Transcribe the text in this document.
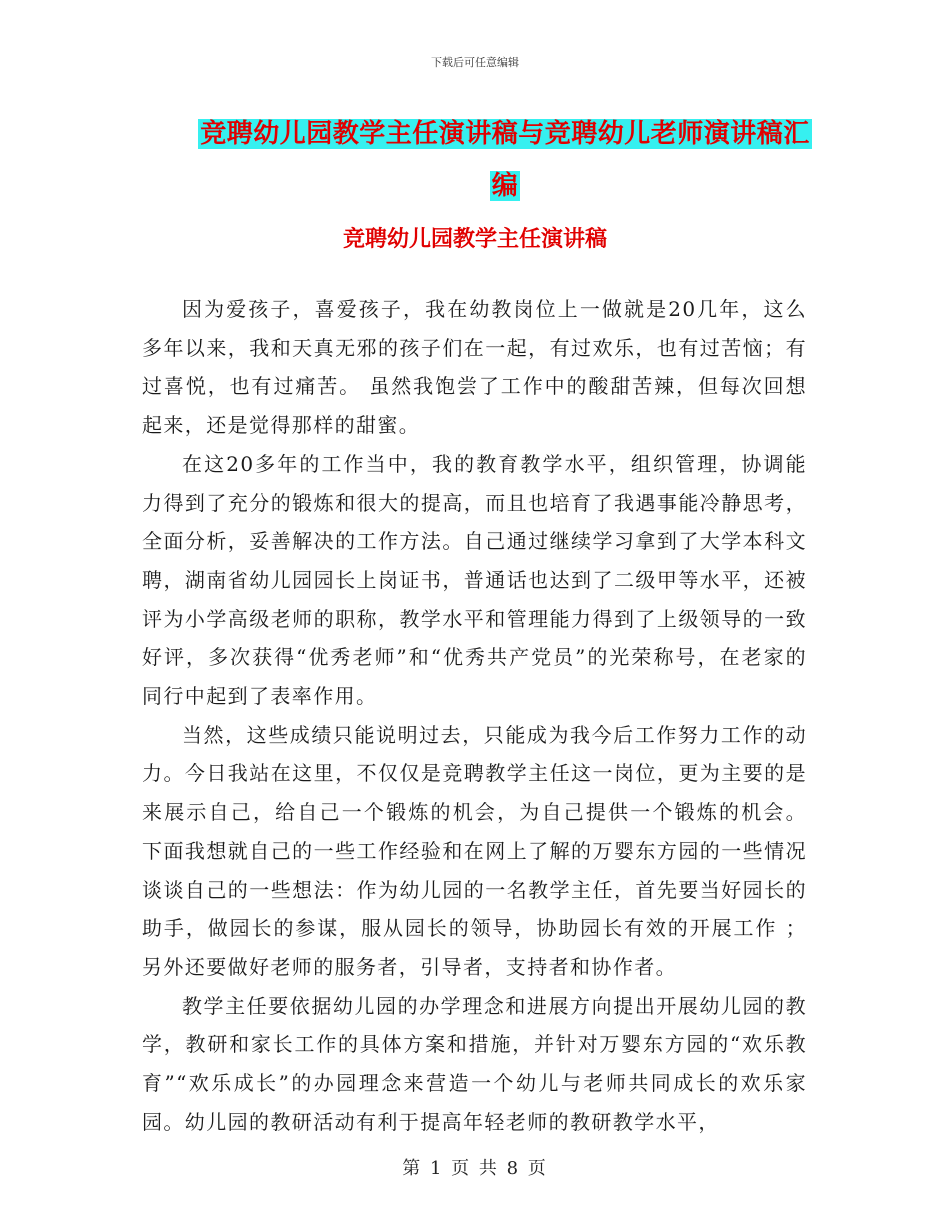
下载后可任意编辑
竞聘幼儿园教学主任演讲稿与竞聘幼儿老师演讲稿汇
编
竞聘幼儿园教学主任演讲稿

因为爱孩子，喜爱孩子，我在幼教岗位上一做就是20几年，这么多年以来，我和天真无邪的孩子们在一起，有过欢乐，也有过苦恼；有过喜悦，也有过痛苦。 虽然我饱尝了工作中的酸甜苦辣，但每次回想起来，还是觉得那样的甜蜜。

在这20多年的工作当中，我的教育教学水平，组织管理，协调能力得到了充分的锻炼和很大的提高，而且也培育了我遇事能冷静思考，全面分析，妥善解决的工作方法。自己通过继续学习拿到了大学本科文聘，湖南省幼儿园园长上岗证书，普通话也达到了二级甲等水平，还被评为小学高级老师的职称，教学水平和管理能力得到了上级领导的一致好评，多次获得“优秀老师”和“优秀共产党员”的光荣称号，在老家的同行中起到了表率作用。

当然，这些成绩只能说明过去，只能成为我今后工作努力工作的动力。今日我站在这里，不仅仅是竞聘教学主任这一岗位，更为主要的是来展示自己，给自己一个锻炼的机会，为自己提供一个锻炼的机会。 下面我想就自己的一些工作经验和在网上了解的万婴东方园的一些情况谈谈自己的一些想法：作为幼儿园的一名教学主任，首先要当好园长的助手，做园长的参谋，服从园长的领导，协助园长有效的开展工作 ；另外还要做好老师的服务者，引导者，支持者和协作者。

教学主任要依据幼儿园的办学理念和进展方向提出开展幼儿园的教学，教研和家长工作的具体方案和措施，并针对万婴东方园的“欢乐教育”“欢乐成长”的办园理念来营造一个幼儿与老师共同成长的欢乐家园。幼儿园的教研活动有利于提高年轻老师的教研教学水平，

第 1 页 共 8 页
